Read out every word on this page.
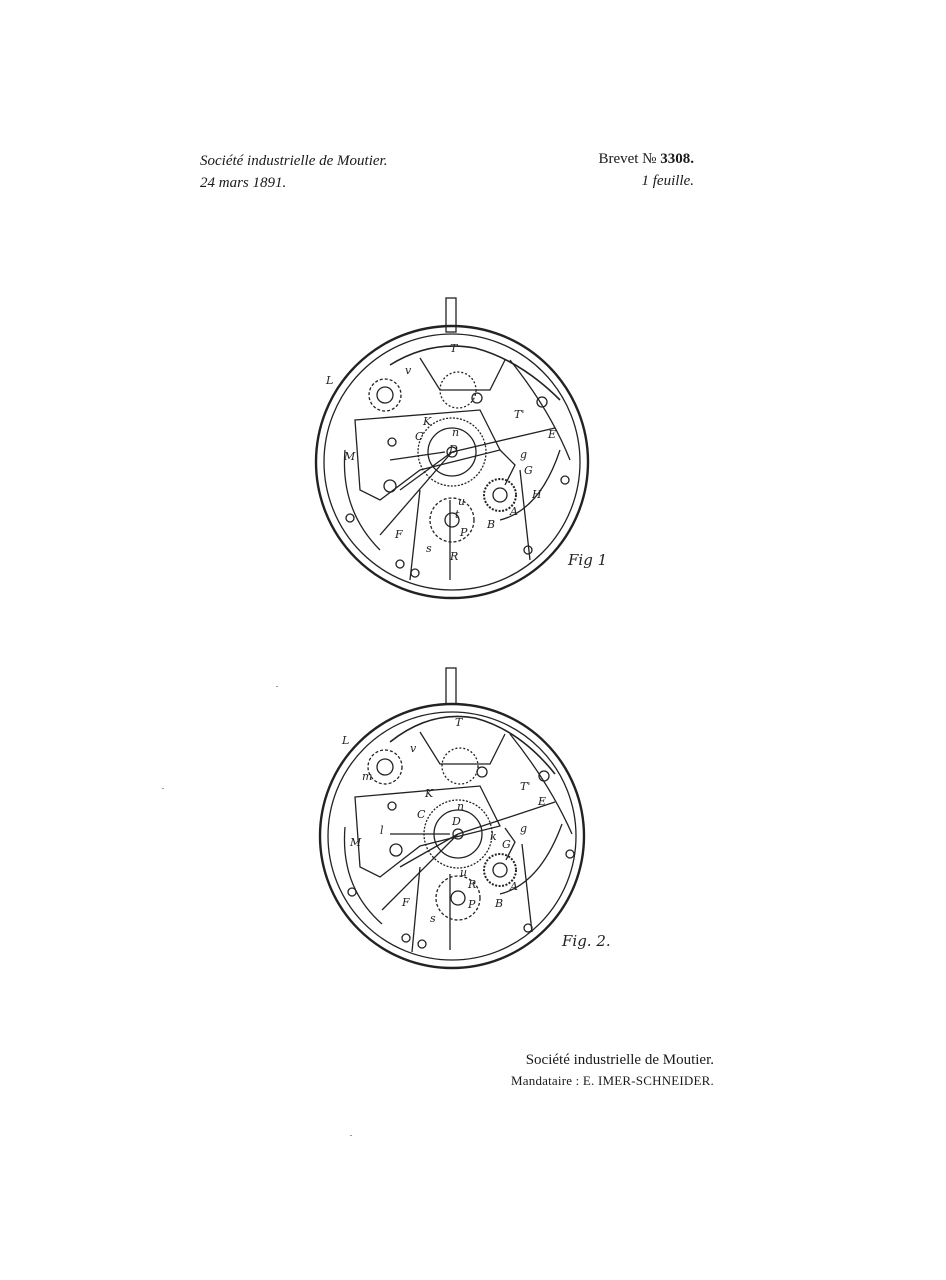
Société industrielle de Moutier.
24 mars 1891.
Brevet № 3308.
1 feuille.
T
L
v
K
T'
E
C	n
D
M	g
G
H
A
B
u
t
P
F
s
R	Fig 1
T
L
v
m
K
T'
E
C
n
D
l
M
g
G
k
A
B
R
u
P
F
s
Fig. 2.
Société industrielle de Moutier.
Mandataire : E. IMER-SCHNEIDER.
